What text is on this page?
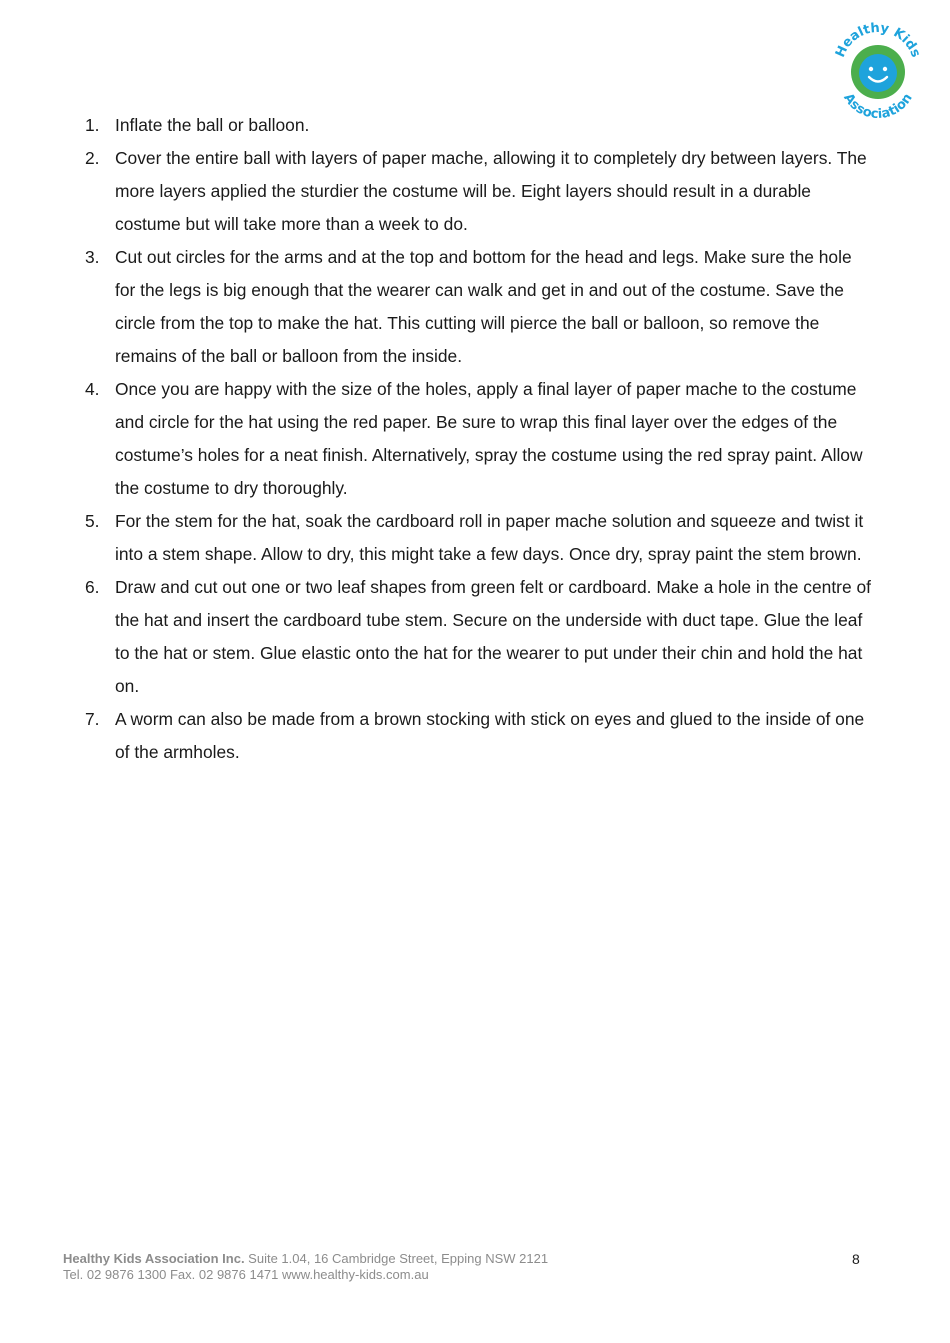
Healthy Kids
Association
1. Inflate the ball or balloon.
2. Cover the entire ball with layers of paper mache, allowing it to completely dry between layers. The more layers applied the sturdier the costume will be. Eight layers should result in a durable costume but will take more than a week to do.
3. Cut out circles for the arms and at the top and bottom for the head and legs. Make sure the hole for the legs is big enough that the wearer can walk and get in and out of the costume. Save the circle from the top to make the hat. This cutting will pierce the ball or balloon, so remove the remains of the ball or balloon from the inside.
4. Once you are happy with the size of the holes, apply a final layer of paper mache to the costume and circle for the hat using the red paper. Be sure to wrap this final layer over the edges of the costume’s holes for a neat finish. Alternatively, spray the costume using the red spray paint. Allow the costume to dry thoroughly.
5. For the stem for the hat, soak the cardboard roll in paper mache solution and squeeze and twist it into a stem shape. Allow to dry, this might take a few days. Once dry, spray paint the stem brown.
6. Draw and cut out one or two leaf shapes from green felt or cardboard. Make a hole in the centre of the hat and insert the cardboard tube stem. Secure on the underside with duct tape. Glue the leaf to the hat or stem. Glue elastic onto the hat for the wearer to put under their chin and hold the hat on.
7. A worm can also be made from a brown stocking with stick on eyes and glued to the inside of one of the armholes.
Healthy Kids Association Inc. Suite 1.04, 16 Cambridge Street, Epping NSW 2121
Tel. 02 9876 1300 Fax. 02 9876 1471 www.healthy-kids.com.au
8
